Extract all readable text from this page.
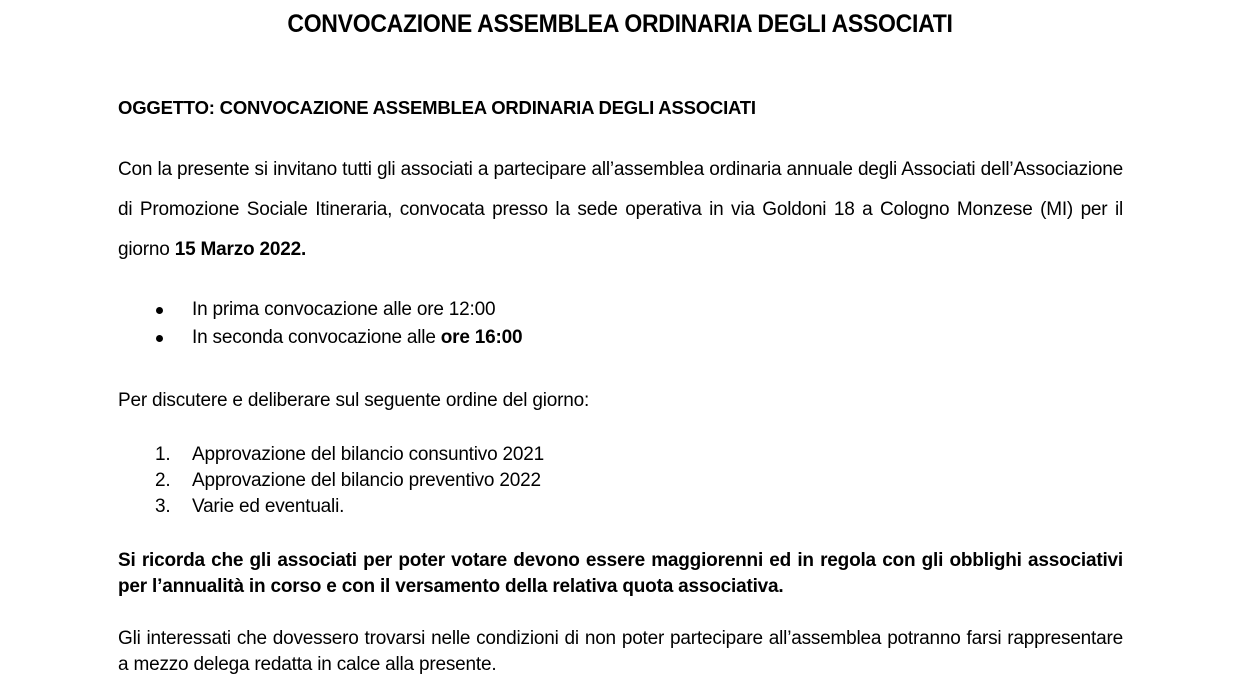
CONVOCAZIONE ASSEMBLEA ORDINARIA DEGLI ASSOCIATI
OGGETTO: CONVOCAZIONE ASSEMBLEA ORDINARIA DEGLI ASSOCIATI
Con la presente si invitano tutti gli associati a partecipare all’assemblea ordinaria annuale degli Associati dell’Associazione di Promozione Sociale Itineraria, convocata presso la sede operativa in via Goldoni 18 a Cologno Monzese (MI) per il giorno 15 Marzo 2022.
In prima convocazione alle ore 12:00
In seconda convocazione alle ore 16:00
Per discutere e deliberare sul seguente ordine del giorno:
1. Approvazione del bilancio consuntivo 2021
2. Approvazione del bilancio preventivo 2022
3. Varie ed eventuali.
Si ricorda che gli associati per poter votare devono essere maggiorenni ed in regola con gli obblighi associativi per l’annualità in corso e con il versamento della relativa quota associativa.
Gli interessati che dovessero trovarsi nelle condizioni di non poter partecipare all’assemblea potranno farsi rappresentare a mezzo delega redatta in calce alla presente.
